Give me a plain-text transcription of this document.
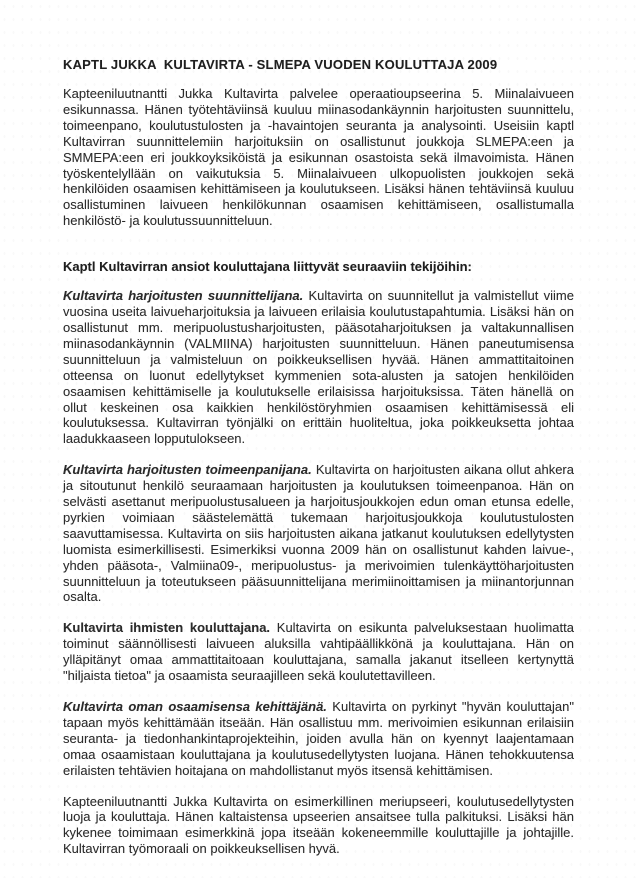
KAPTL JUKKA  KULTAVIRTA - SLMEPA VUODEN KOULUTTAJA 2009

Kapteeniluutnantti Jukka Kultavirta palvelee operaatioupseerina 5. Miinalaivueen esikunnassa. Hänen työtehtäviinsä kuuluu miinasodankäynnin harjoitusten suunnittelu, toimeenpano, koulutustulosten ja -havaintojen seuranta ja analysointi. Useisiin kaptl Kultavirran suunnittelemiin harjoituksiin on osallistunut joukkoja SLMEPA:een ja SMMEPA:een eri joukkoyksiköistä ja esikunnan osastoista sekä ilmavoimista. Hänen työskentelyllään on vaikutuksia 5. Miinalaivueen ulkopuolisten joukkojen sekä henkilöiden osaamisen kehittämiseen ja koulutukseen. Lisäksi hänen tehtäviinsä kuuluu osallistuminen laivueen henkilökunnan osaamisen kehittämiseen, osallistumalla henkilöstö- ja koulutussuunnitteluun.

Kaptl Kultavirran ansiot kouluttajana liittyvät seuraaviin tekijöihin:

Kultavirta harjoitusten suunnittelijana. Kultavirta on suunnitellut ja valmistellut viime vuosina useita laivueharjoituksia ja laivueen erilaisia koulutustapahtumia. Lisäksi hän on osallistunut mm. meripuolustusharjoitusten, pääsotaharjoituksen ja valtakunnallisen miinasodankäynnin (VALMIINA) harjoitusten suunnitteluun. Hänen paneutumisensa suunnitteluun ja valmisteluun on poikkeuksellisen hyvää. Hänen ammattitaitoinen otteensa on luonut edellytykset kymmenien sota-alusten ja satojen henkilöiden osaamisen kehittämiselle ja koulutukselle erilaisissa harjoituksissa. Täten hänellä on ollut keskeinen osa kaikkien henkilöstöryhmien osaamisen kehittämisessä eli koulutuksessa. Kultavirran työnjälki on erittäin huoliteltua, joka poikkeuksetta johtaa laadukkaaseen lopputulokseen.

Kultavirta harjoitusten toimeenpanijana. Kultavirta on harjoitusten aikana ollut ahkera ja sitoutunut henkilö seuraamaan harjoitusten ja koulutuksen toimeenpanoa. Hän on selvästi asettanut meripuolustusalueen ja harjoitusjoukkojen edun oman etunsa edelle, pyrkien voimiaan säästelemättä tukemaan harjoitusjoukkoja koulutustulosten saavuttamisessa. Kultavirta on siis harjoitusten aikana jatkanut koulutuksen edellytysten luomista esimerkillisesti. Esimerkiksi vuonna 2009 hän on osallistunut kahden laivue-, yhden pääsota-, Valmiina09-, meripuolustus- ja merivoimien tulenkäyttöharjoitusten suunnitteluun ja toteutukseen pääsuunnittelijana merimiinoittamisen ja miinantorjunnan osalta.

Kultavirta ihmisten kouluttajana. Kultavirta on esikunta palveluksestaan huolimatta toiminut säännöllisesti laivueen aluksilla vahtipäällikkönä ja kouluttajana. Hän on ylläpitänyt omaa ammattitaitoaan kouluttajana, samalla jakanut itselleen kertynyttä "hiljaista tietoa" ja osaamista seuraajilleen sekä koulutettavilleen.

Kultavirta oman osaamisensa kehittäjänä. Kultavirta on pyrkinyt "hyvän kouluttajan" tapaan myös kehittämään itseään. Hän osallistuu mm. merivoimien esikunnan erilaisiin seuranta- ja tiedonhankintaprojekteihin, joiden avulla hän on kyennyt laajentamaan omaa osaamistaan kouluttajana ja koulutusedellytysten luojana. Hänen tehokkuutensa erilaisten tehtävien hoitajana on mahdollistanut myös itsensä kehittämisen.

Kapteeniluutnantti Jukka Kultavirta on esimerkillinen meriupseeri, koulutusedellytysten luoja ja kouluttaja. Hänen kaltaistensa upseerien ansaitsee tulla palkituksi. Lisäksi hän kykenee toimimaan esimerkkinä jopa itseään kokeneemmille kouluttajille ja johtajille. Kultavirran työmoraali on poikkeuksellisen hyvä.
